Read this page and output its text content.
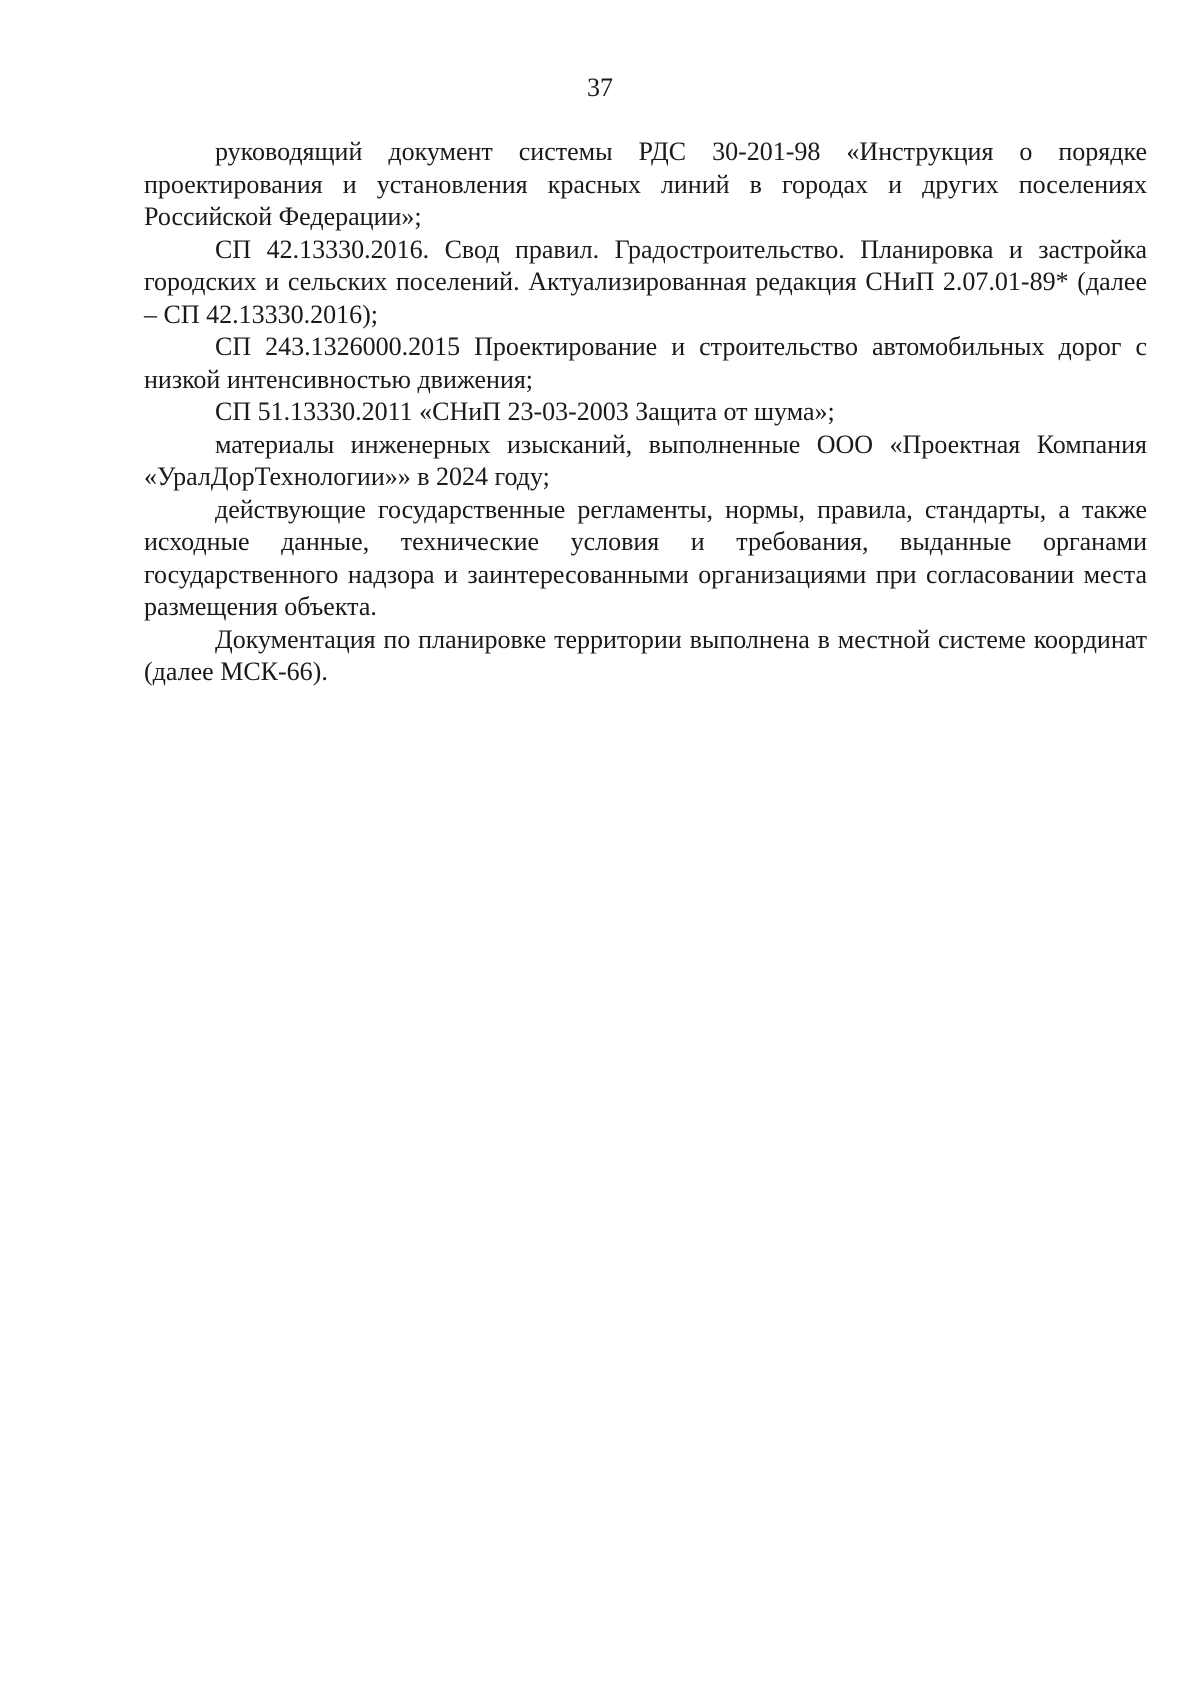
37

руководящий документ системы РДС 30-201-98 «Инструкция о порядке проектирования и установления красных линий в городах и других поселениях Российской Федерации»;

СП 42.13330.2016. Свод правил. Градостроительство. Планировка и застройка городских и сельских поселений. Актуализированная редакция СНиП 2.07.01-89* (далее – СП 42.13330.2016);

СП 243.1326000.2015 Проектирование и строительство автомобильных дорог с низкой интенсивностью движения;

СП 51.13330.2011 «СНиП 23-03-2003 Защита от шума»;

материалы инженерных изысканий, выполненные ООО «Проектная Компания «УралДорТехнологии»» в 2024 году;

действующие государственные регламенты, нормы, правила, стандарты, а также исходные данные, технические условия и требования, выданные органами государственного надзора и заинтересованными организациями при согласовании места размещения объекта.

Документация по планировке территории выполнена в местной системе координат (далее МСК-66).
